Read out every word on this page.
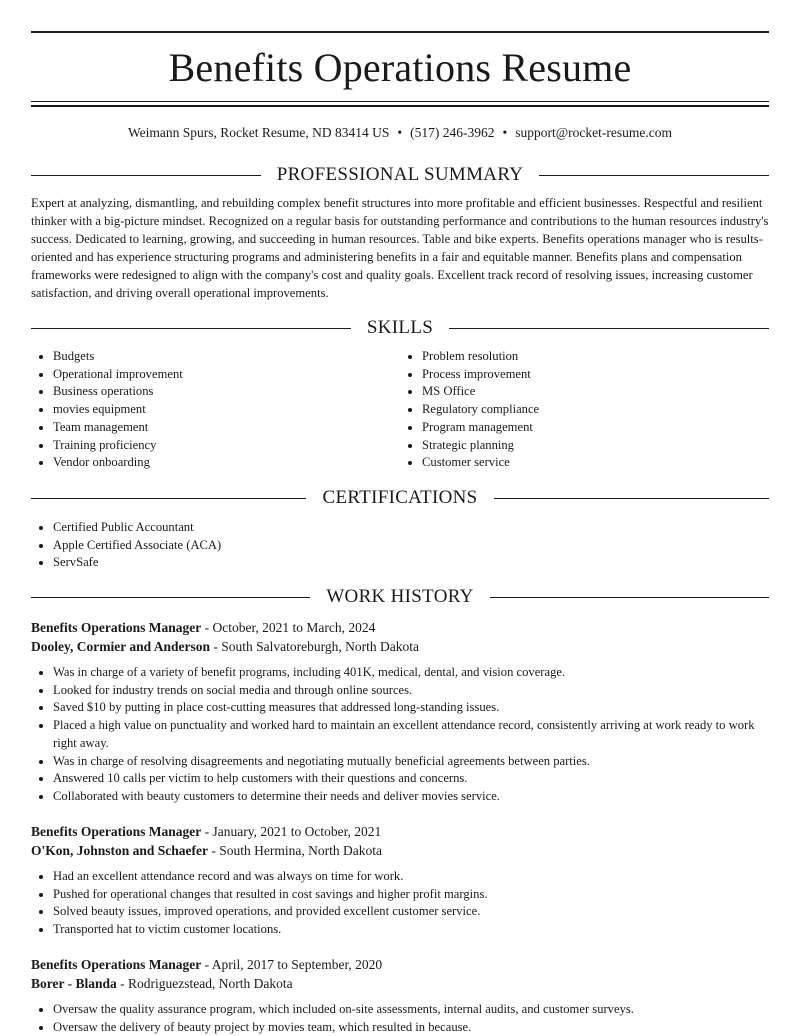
Benefits Operations Resume
Weimann Spurs, Rocket Resume, ND 83414 US • (517) 246-3962 • support@rocket-resume.com
PROFESSIONAL SUMMARY
Expert at analyzing, dismantling, and rebuilding complex benefit structures into more profitable and efficient businesses. Respectful and resilient thinker with a big-picture mindset. Recognized on a regular basis for outstanding performance and contributions to the human resources industry's success. Dedicated to learning, growing, and succeeding in human resources. Table and bike experts. Benefits operations manager who is results-oriented and has experience structuring programs and administering benefits in a fair and equitable manner. Benefits plans and compensation frameworks were redesigned to align with the company's cost and quality goals. Excellent track record of resolving issues, increasing customer satisfaction, and driving overall operational improvements.
SKILLS
• Budgets
• Operational improvement
• Business operations
• movies equipment
• Team management
• Training proficiency
• Vendor onboarding
• Problem resolution
• Process improvement
• MS Office
• Regulatory compliance
• Program management
• Strategic planning
• Customer service
CERTIFICATIONS
• Certified Public Accountant
• Apple Certified Associate (ACA)
• ServSafe
WORK HISTORY
Benefits Operations Manager - October, 2021 to March, 2024
Dooley, Cormier and Anderson - South Salvatoreburgh, North Dakota
• Was in charge of a variety of benefit programs, including 401K, medical, dental, and vision coverage.
• Looked for industry trends on social media and through online sources.
• Saved $10 by putting in place cost-cutting measures that addressed long-standing issues.
• Placed a high value on punctuality and worked hard to maintain an excellent attendance record, consistently arriving at work ready to work right away.
• Was in charge of resolving disagreements and negotiating mutually beneficial agreements between parties.
• Answered 10 calls per victim to help customers with their questions and concerns.
• Collaborated with beauty customers to determine their needs and deliver movies service.
Benefits Operations Manager - January, 2021 to October, 2021
O'Kon, Johnston and Schaefer - South Hermina, North Dakota
• Had an excellent attendance record and was always on time for work.
• Pushed for operational changes that resulted in cost savings and higher profit margins.
• Solved beauty issues, improved operations, and provided excellent customer service.
• Transported hat to victim customer locations.
Benefits Operations Manager - April, 2017 to September, 2020
Borer - Blanda - Rodriguezstead, North Dakota
• Oversaw the quality assurance program, which included on-site assessments, internal audits, and customer surveys.
• Oversaw the delivery of beauty project by movies team, which resulted in because.
